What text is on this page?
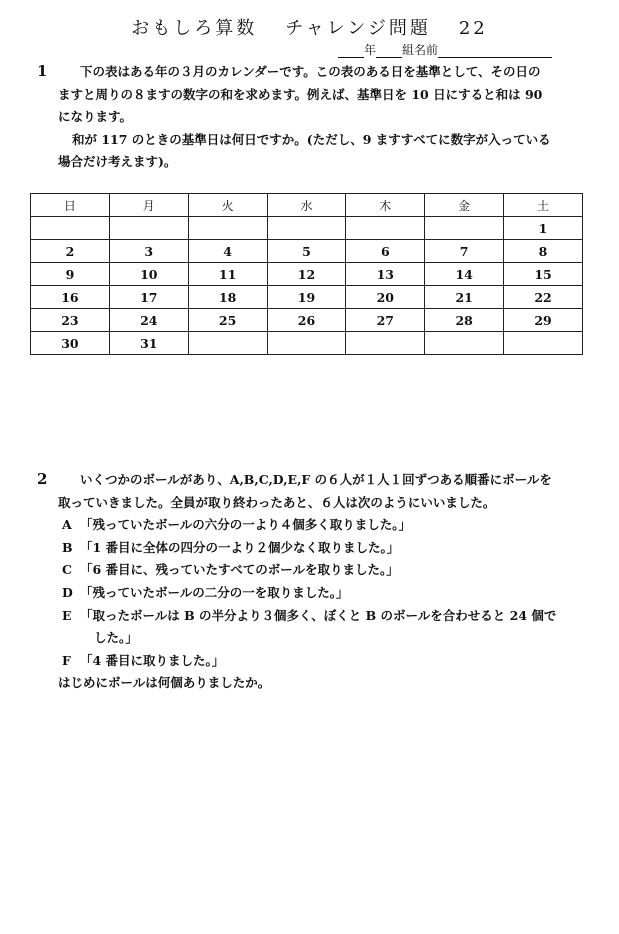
おもしろ算数 チャレンジ問題 22
年 組名前
1	下の表はある年の３月のカレンダーです。この表のある日を基準として、その日の

ますと周りの８ますの数字の和を求めます。例えば、基準日を 10 日にすると和は 90

になります。

和が 117 のときの基準日は何日ですか。(ただし、9 ますすべてに数字が入っている

場合だけ考えます)。

日	月	火	水	木	金	土
						1
2	3	4	5	6	7	8
9	10	11	12	13	14	15
16	17	18	19	20	21	22
23	24	25	26	27	28	29
30	31					
2	いくつかのボールがあり、A,B,C,D,E,F の６人が１人１回ずつある順番にボールを

取っていきました。全員が取り終わったあと、６人は次のようにいいました。

A 「残っていたボールの六分の一より４個多く取りました。」

B 「1 番目に全体の四分の一より２個少なく取りました。」

C 「6 番目に、残っていたすべてのボールを取りました。」

D 「残っていたボールの二分の一を取りました。」

E 「取ったボールは B の半分より３個多く、ぼくと B のボールを合わせると 24 個で

した。」

F 「4 番目に取りました。」

はじめにボールは何個ありましたか。
